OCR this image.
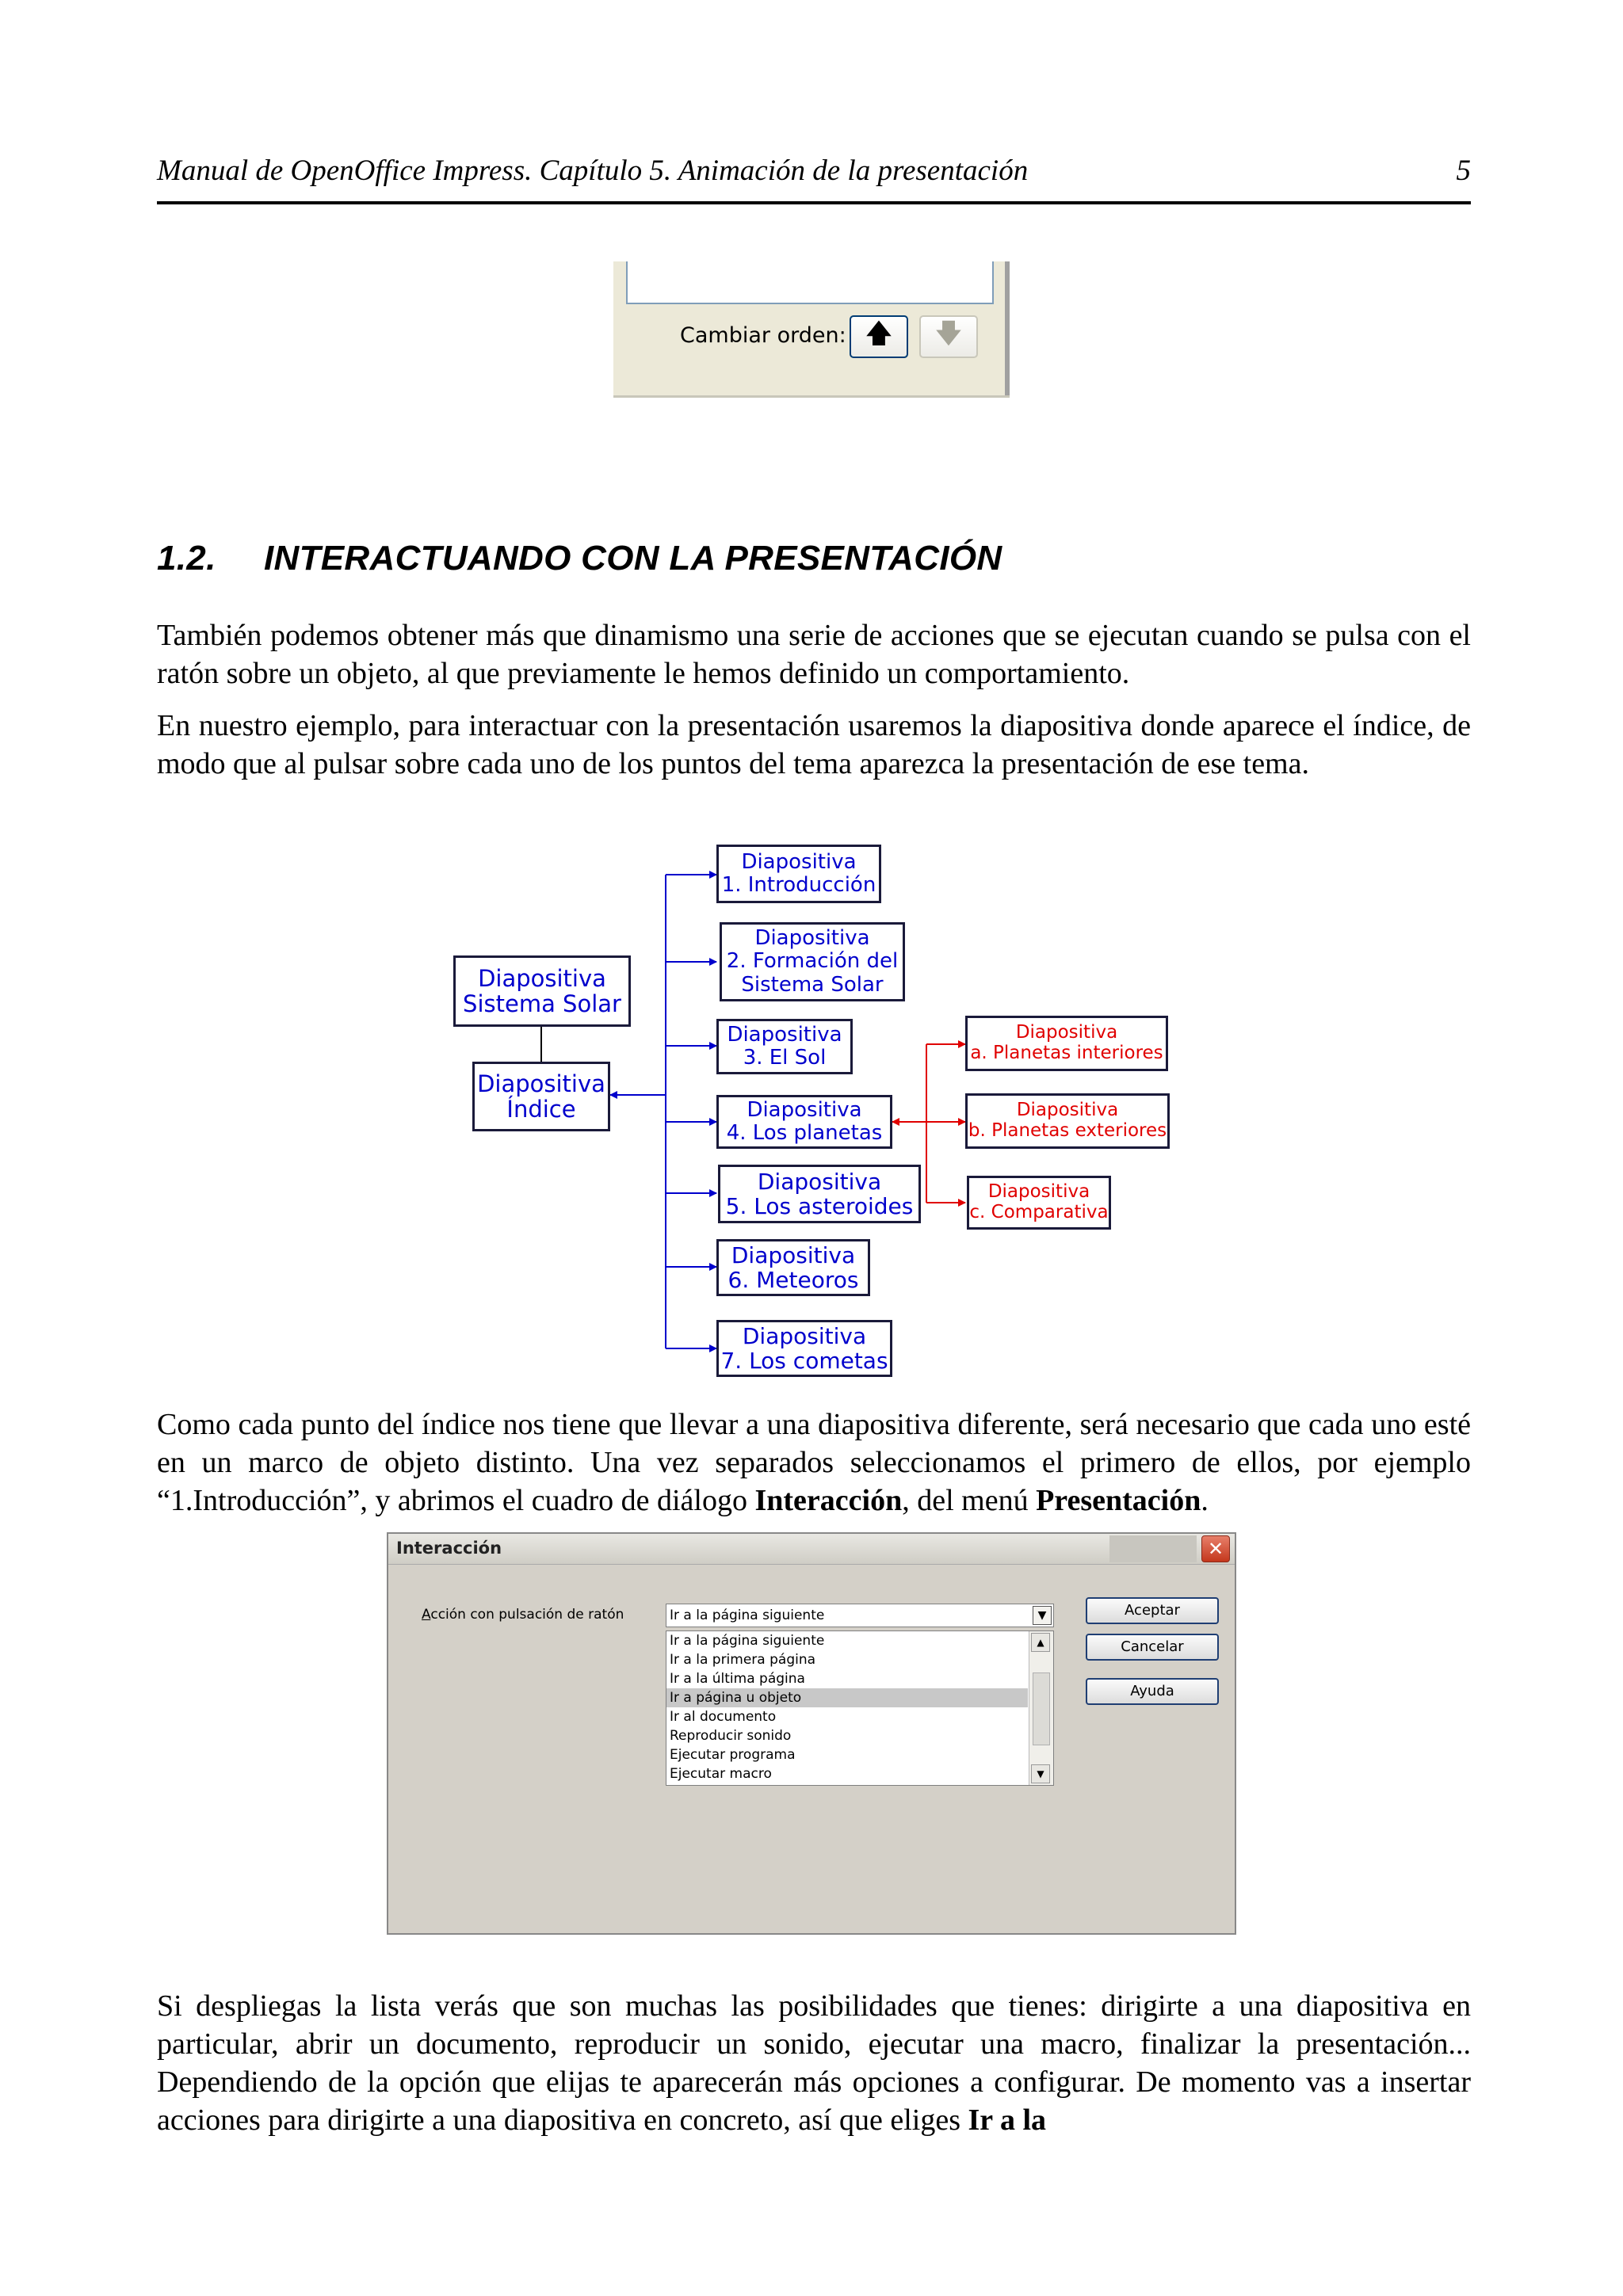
Manual de OpenOffice Impress. Capítulo 5. Animación de la presentación	5
Cambiar orden: 🡅 🡇
1.2. INTERACTUANDO CON LA PRESENTACIÓN

También podemos obtener más que dinamismo una serie de acciones que se ejecutan cuando se pulsa con el ratón sobre un objeto, al que previamente le hemos definido un comportamiento.

En nuestro ejemplo, para interactuar con la presentación usaremos la diapositiva donde aparece el índice, de modo que al pulsar sobre cada uno de los puntos del tema aparezca la presentación de ese tema.

Diapositiva
Sistema Solar
Diapositiva
Índice
Diapositiva
1. Introducción
Diapositiva
2. Formación del
Sistema Solar
Diapositiva
3. El Sol
Diapositiva
4. Los planetas
Diapositiva
5. Los asteroides
Diapositiva
6. Meteoros
Diapositiva
7. Los cometas
Diapositiva
a. Planetas interiores
Diapositiva
b. Planetas exteriores
Diapositiva
c. Comparativa

Como cada punto del índice nos tiene que llevar a una diapositiva diferente, será necesario que cada uno esté en un marco de objeto distinto. Una vez separados seleccionamos el primero de ellos, por ejemplo “1.Introducción”, y abrimos el cuadro de diálogo Interacción, del menú Presentación.

Interacción	✕
Acción con pulsación de ratón	Ir a la página siguiente	▼
Ir a la página siguiente
Ir a la primera página
Ir a la última página
Ir a página u objeto
Ir al documento
Reproducir sonido
Ejecutar programa
Ejecutar macro
▲
▼
Aceptar
Cancelar
Ayuda

Si despliegas la lista verás que son muchas las posibilidades que tienes: dirigirte a una diapositiva en particular, abrir un documento, reproducir un sonido, ejecutar una macro, finalizar la presentación... Dependiendo de la opción que elijas te aparecerán más opciones a configurar. De momento vas a insertar acciones para dirigirte a una diapositiva en concreto, así que eliges Ir a la
